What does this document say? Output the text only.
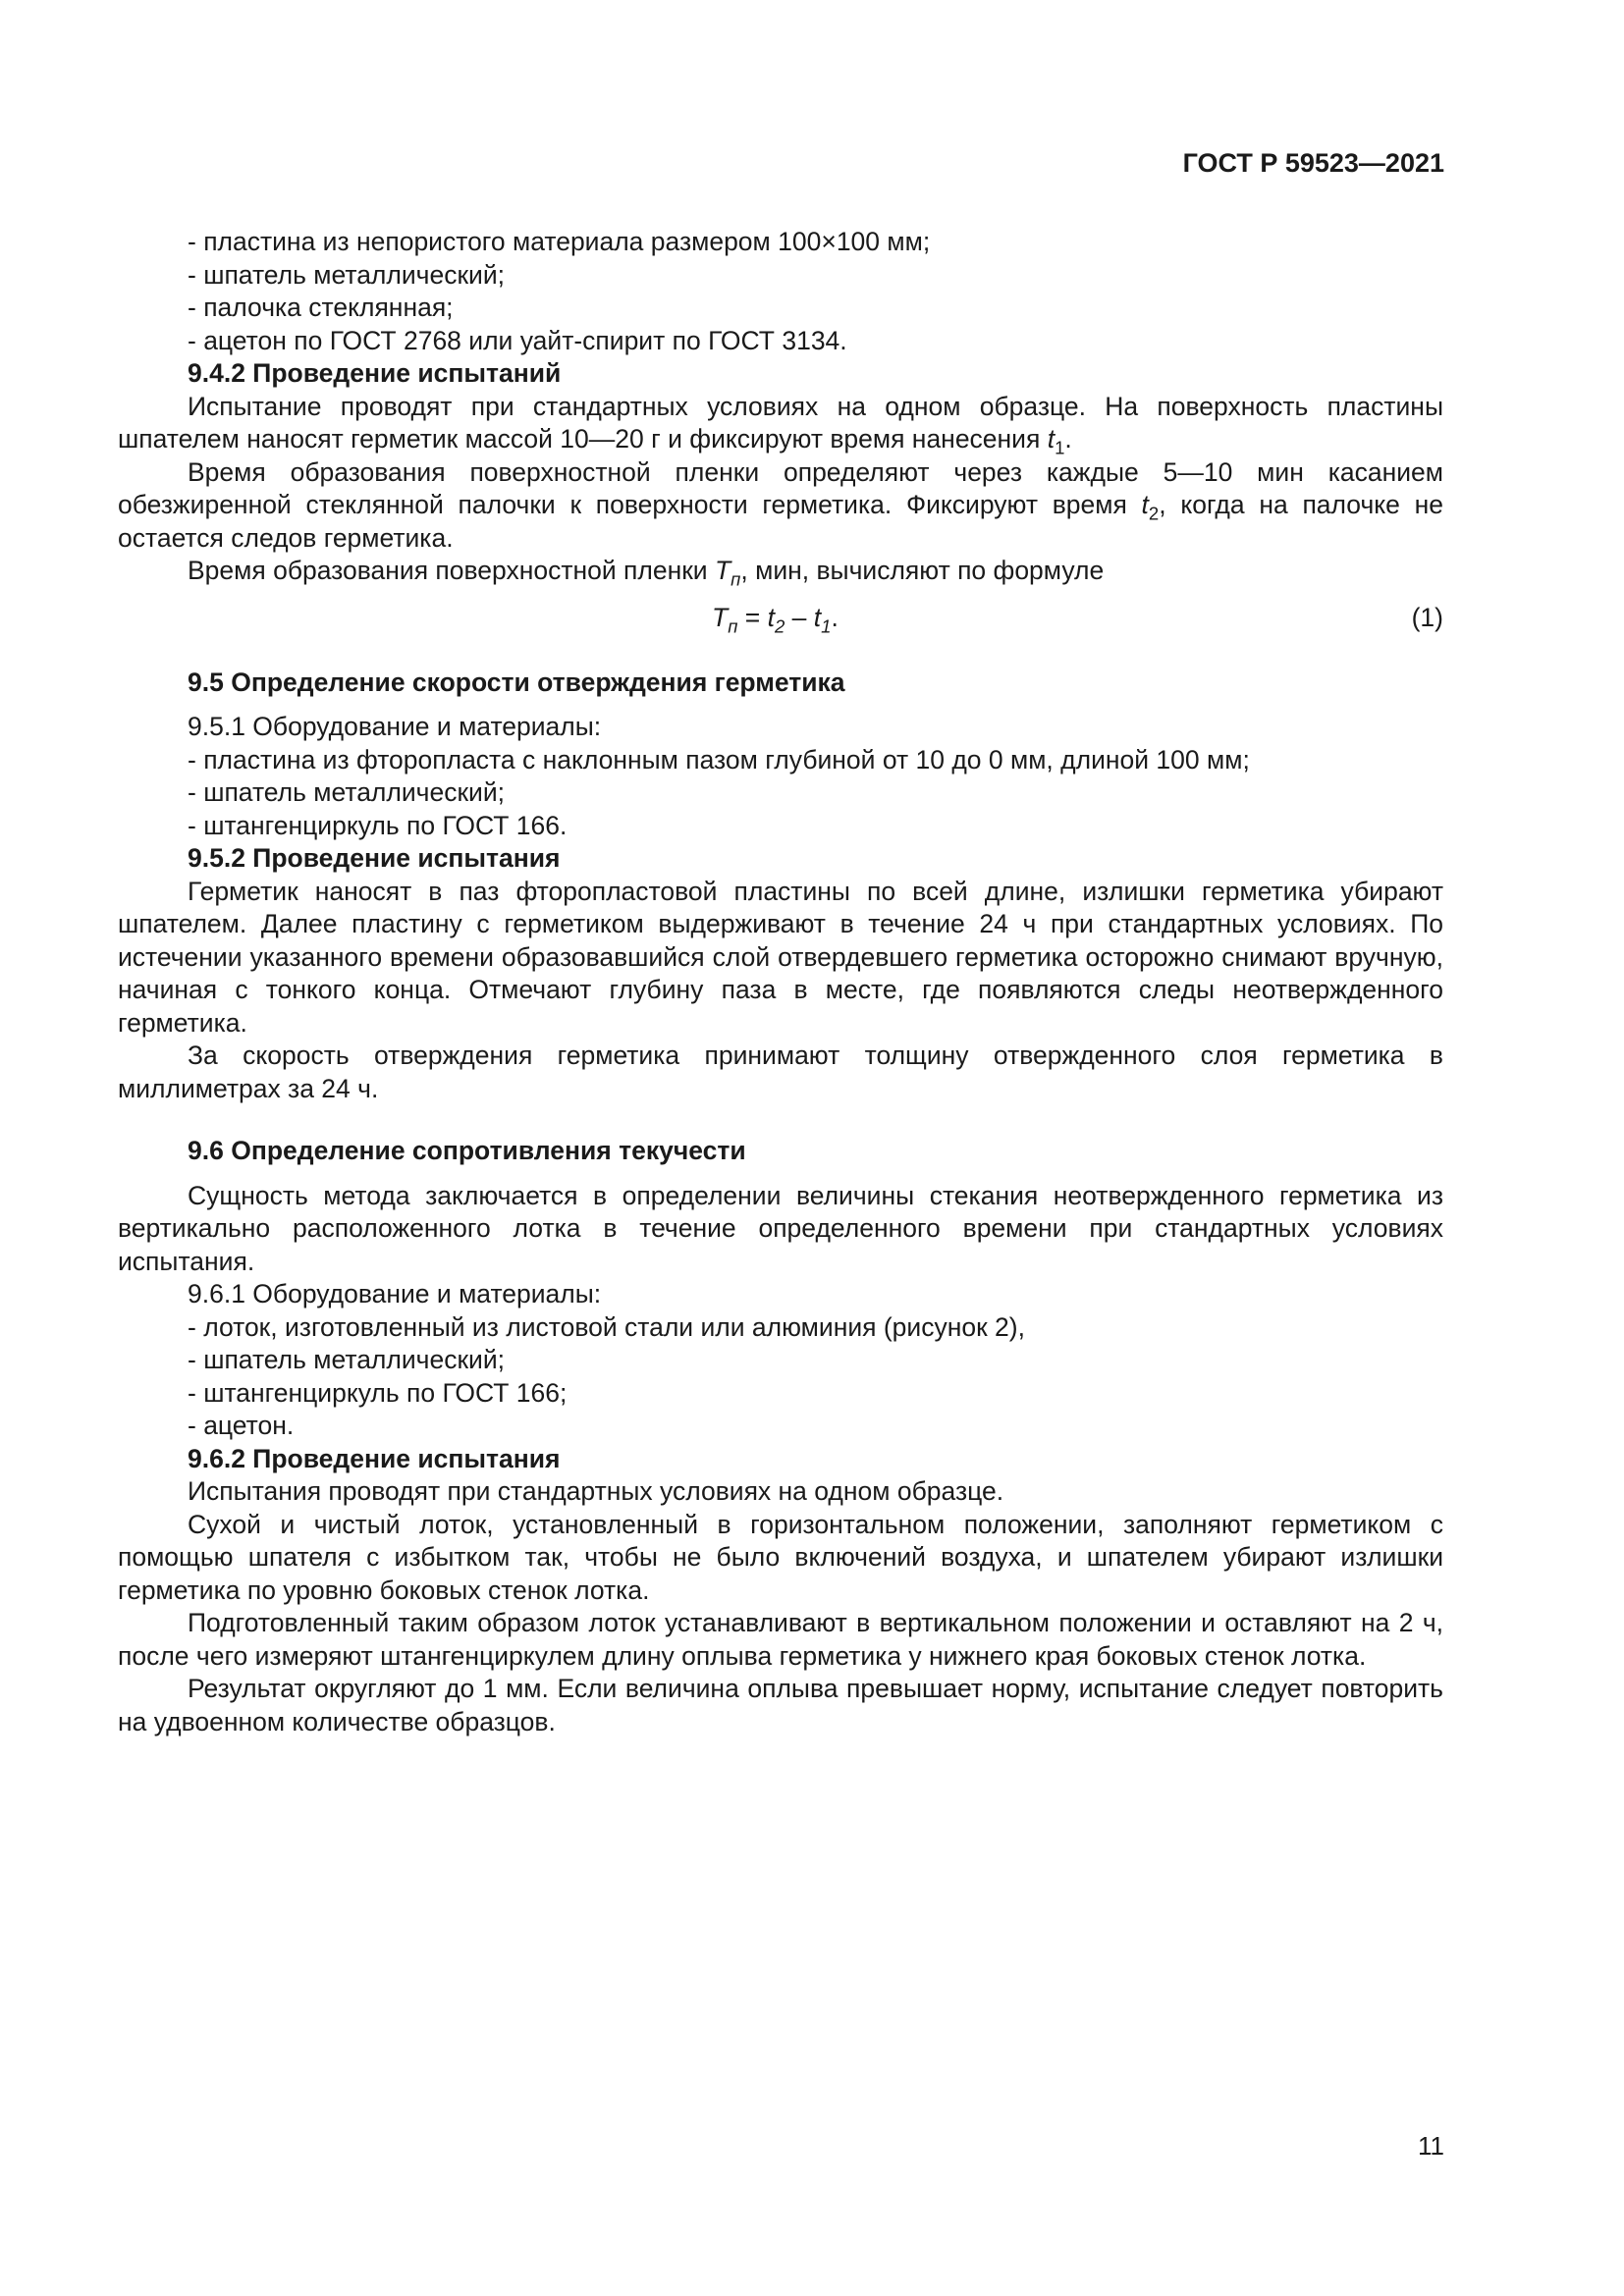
ГОСТ Р 59523—2021
- пластина из непористого материала размером 100×100 мм;
- шпатель металлический;
- палочка стеклянная;
- ацетон по ГОСТ 2768 или уайт-спирит по ГОСТ 3134.
9.4.2 Проведение испытаний

Испытание проводят при стандартных условиях на одном образце. На поверхность пластины шпателем наносят герметик массой 10—20 г и фиксируют время нанесения $t_1$.

Время образования поверхностной пленки определяют через каждые 5—10 мин касанием обезжиренной стеклянной палочки к поверхности герметика. Фиксируют время $t_2$, когда на палочке не остается следов герметика.

Время образования поверхностной пленки $T_п$, мин, вычисляют по формуле

$T_п = t_2 - t_1$.	(1)
9.5 Определение скорости отверждения герметика
9.5.1 Оборудование и материалы:
- пластина из фторопласта с наклонным пазом глубиной от 10 до 0 мм, длиной 100 мм;
- шпатель металлический;
- штангенциркуль по ГОСТ 166.
9.5.2 Проведение испытания

Герметик наносят в паз фторопластовой пластины по всей длине, излишки герметика убирают шпателем. Далее пластину с герметиком выдерживают в течение 24 ч при стандартных условиях. По истечении указанного времени образовавшийся слой отвердевшего герметика осторожно снимают вручную, начиная с тонкого конца. Отмечают глубину паза в месте, где появляются следы неотвержденного герметика.

За скорость отверждения герметика принимают толщину отвержденного слоя герметика в миллиметрах за 24 ч.

9.6 Определение сопротивления текучести

Сущность метода заключается в определении величины стекания неотвержденного герметика из вертикально расположенного лотка в течение определенного времени при стандартных условиях испытания.

9.6.1 Оборудование и материалы:
- лоток, изготовленный из листовой стали или алюминия (рисунок 2),
- шпатель металлический;
- штангенциркуль по ГОСТ 166;
- ацетон.
9.6.2 Проведение испытания

Испытания проводят при стандартных условиях на одном образце.

Сухой и чистый лоток, установленный в горизонтальном положении, заполняют герметиком с помощью шпателя с избытком так, чтобы не было включений воздуха, и шпателем убирают излишки герметика по уровню боковых стенок лотка.

Подготовленный таким образом лоток устанавливают в вертикальном положении и оставляют на 2 ч, после чего измеряют штангенциркулем длину оплыва герметика у нижнего края боковых стенок лотка.

Результат округляют до 1 мм. Если величина оплыва превышает норму, испытание следует повторить на удвоенном количестве образцов.

11
